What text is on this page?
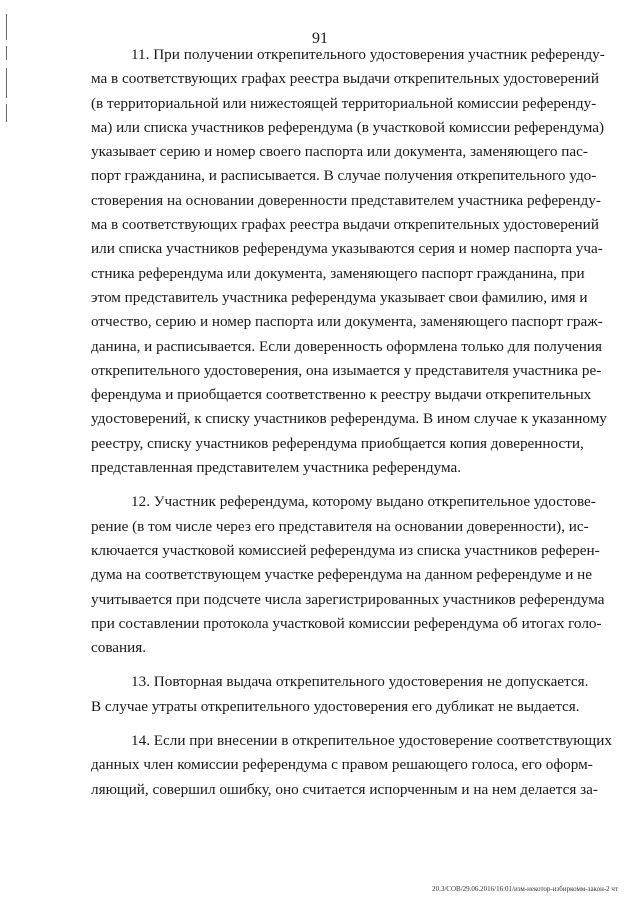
91

11. При получении открепительного удостоверения участник референду-
ма в соответствующих графах реестра выдачи открепительных удостоверений
(в территориальной или нижестоящей территориальной комиссии референду-
ма) или списка участников референдума (в участковой комиссии референдума)
указывает серию и номер своего паспорта или документа, заменяющего пас-
порт гражданина, и расписывается. В случае получения открепительного удо-
стоверения на основании доверенности представителем участника референду-
ма в соответствующих графах реестра выдачи открепительных удостоверений
или списка участников референдума указываются серия и номер паспорта уча-
стника референдума или документа, заменяющего паспорт гражданина, при
этом представитель участника референдума указывает свои фамилию, имя и
отчество, серию и номер паспорта или документа, заменяющего паспорт граж-
данина, и расписывается. Если доверенность оформлена только для получения
открепительного удостоверения, она изымается у представителя участника ре-
ферендума и приобщается соответственно к реестру выдачи открепительных
удостоверений, к списку участников референдума. В ином случае к указанному
реестру, списку участников референдума приобщается копия доверенности,
представленная представителем участника референдума.

12. Участник референдума, которому выдано открепительное удостове-
рение (в том числе через его представителя на основании доверенности), ис-
ключается участковой комиссией референдума из списка участников референ-
дума на соответствующем участке референдума на данном референдуме и не
учитывается при подсчете числа зарегистрированных участников референдума
при составлении протокола участковой комиссии референдума об итогах голо-
сования.

13. Повторная выдача открепительного удостоверения не допускается.
В случае утраты открепительного удостоверения его дубликат не выдается.

14. Если при внесении в открепительное удостоверение соответствующих
данных член комиссии референдума с правом решающего голоса, его оформ-
ляющий, совершил ошибку, оно считается испорченным и на нем делается за-

20.3/СОВ/29.06.2016/16:01/изм-некотор-избиркомм-закон-2 чт
